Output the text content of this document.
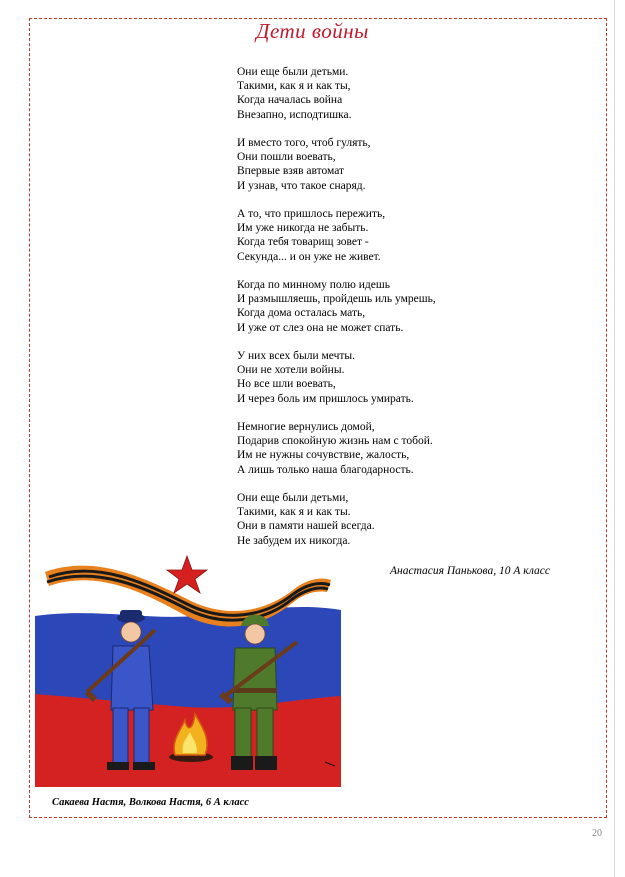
Дети войны
Они еще были детьми.
Такими, как я и как ты,
Когда началась война
Внезапно, исподтишка.
И вместо того, чтоб гулять,
Они пошли воевать,
Впервые взяв автомат
И узнав, что такое снаряд.
А то, что пришлось пережить,
Им уже никогда не забыть.
Когда тебя товарищ зовет -
Секунда... и он уже не живет.
Когда по минному полю идешь
И размышляешь, пройдешь иль умрешь,
Когда дома осталась мать,
И уже от слез она не может спать.
У них всех были мечты.
Они не хотели войны.
Но все шли воевать,
И через боль им пришлось умирать.
Немногие вернулись домой,
Подарив спокойную жизнь нам с тобой.
Им не нужны сочувствие, жалость,
А лишь только наша благодарность.
Они еще были детьми,
Такими, как я и как ты.
Они в памяти нашей всегда.
Не забудем их никогда.
Анастасия Панькова, 10 А класс
Сакаева Настя, Волкова Настя, 6 А класс
20
